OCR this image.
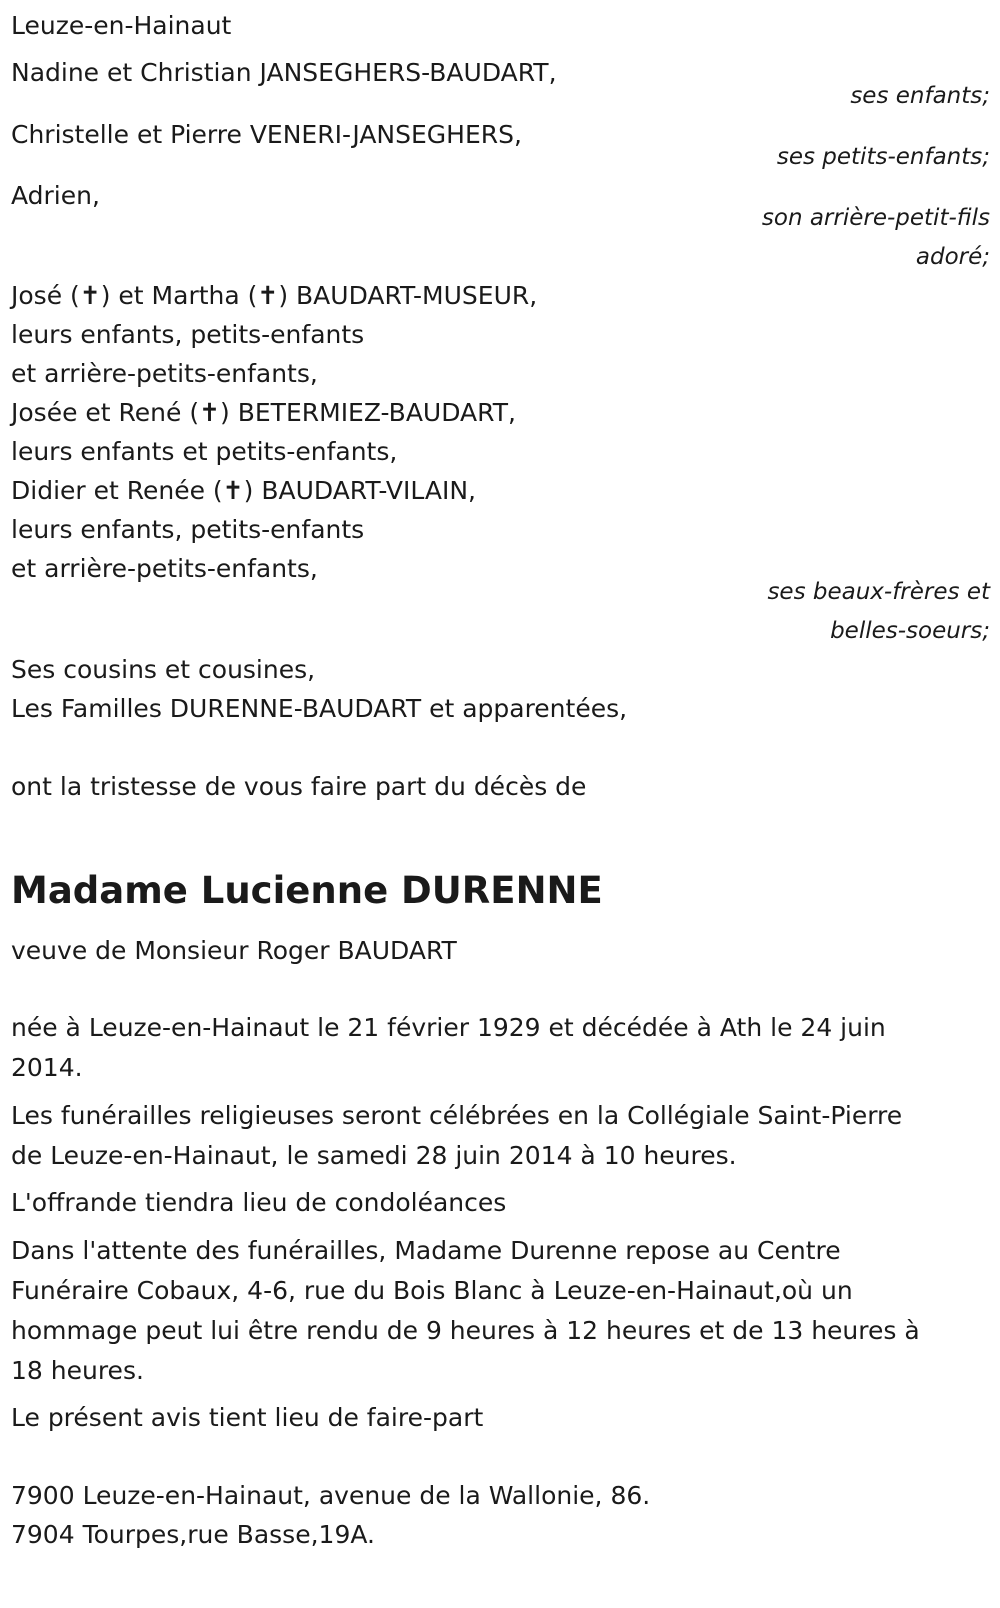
Leuze-en-Hainaut
Nadine et Christian JANSEGHERS-BAUDART,
ses enfants;
Christelle et Pierre VENERI-JANSEGHERS,
ses petits-enfants;
Adrien,
son arrière-petit-fils
adoré;
José (✝) et Martha (✝) BAUDART-MUSEUR,
leurs enfants, petits-enfants
et arrière-petits-enfants,
Josée et René (✝) BETERMIEZ-BAUDART,
leurs enfants et petits-enfants,
Didier et Renée (✝) BAUDART-VILAIN,
leurs enfants, petits-enfants
et arrière-petits-enfants,
ses beaux-frères et
belles-soeurs;
Ses cousins et cousines,
Les Familles DURENNE-BAUDART et apparentées,
ont la tristesse de vous faire part du décès de
Madame Lucienne DURENNE
veuve de Monsieur Roger BAUDART
née à Leuze-en-Hainaut le 21 février 1929 et décédée à Ath le 24 juin
2014.
Les funérailles religieuses seront célébrées en la Collégiale Saint-Pierre
de Leuze-en-Hainaut, le samedi 28 juin 2014 à 10 heures.
L'offrande tiendra lieu de condoléances
Dans l'attente des funérailles, Madame Durenne repose au Centre
Funéraire Cobaux, 4-6, rue du Bois Blanc à Leuze-en-Hainaut,où un
hommage peut lui être rendu de 9 heures à 12 heures et de 13 heures à
18 heures.
Le présent avis tient lieu de faire-part
7900 Leuze-en-Hainaut, avenue de la Wallonie, 86.
7904 Tourpes,rue Basse,19A.
